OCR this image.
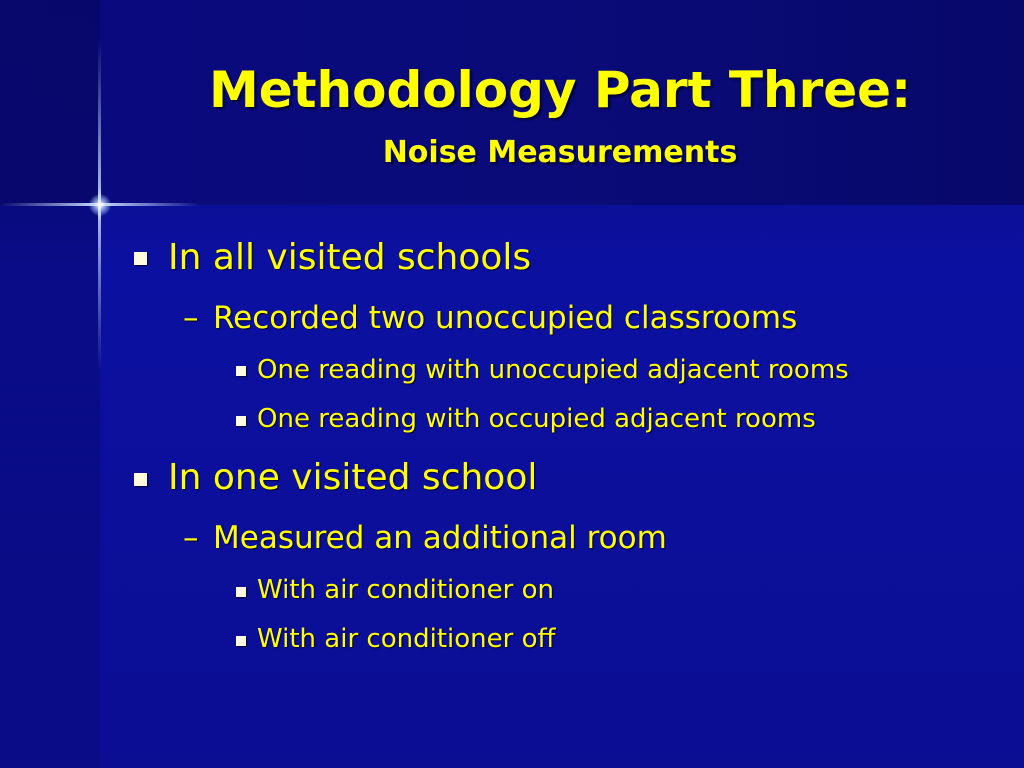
Methodology Part Three:
Noise Measurements
In all visited schools
– Recorded two unoccupied classrooms
One reading with unoccupied adjacent rooms
One reading with occupied adjacent rooms
In one visited school
– Measured an additional room
With air conditioner on
With air conditioner off
